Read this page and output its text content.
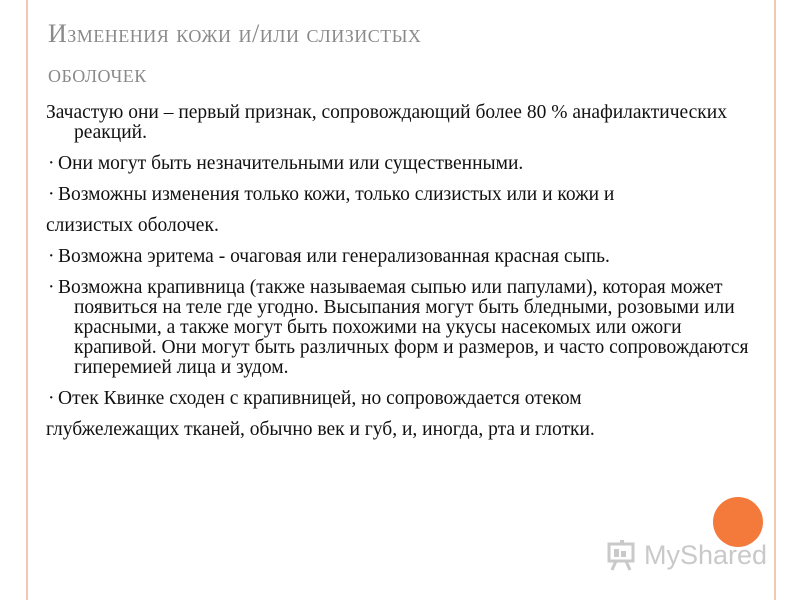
Изменения кожи и/или слизистых
оболочек

Зачастую они – первый признак, сопровождающий более 80 % анафилактических реакций.

· Они могут быть незначительными или существенными.

· Возможны изменения только кожи, только слизистых или и кожи и

слизистых оболочек.

· Возможна эритема - очаговая или генерализованная красная сыпь.

· Возможна крапивница (также называемая сыпью или папулами), которая может появиться на теле где угодно. Высыпания могут быть бледными, розовыми или красными, а также могут быть похожими на укусы насекомых или ожоги крапивой. Они могут быть различных форм и размеров, и часто сопровождаются гиперемией лица и зудом.

· Отек Квинке сходен с крапивницей, но сопровождается отеком

глубжележащих тканей, обычно век и губ, и, иногда, рта и глотки.

MyShared
